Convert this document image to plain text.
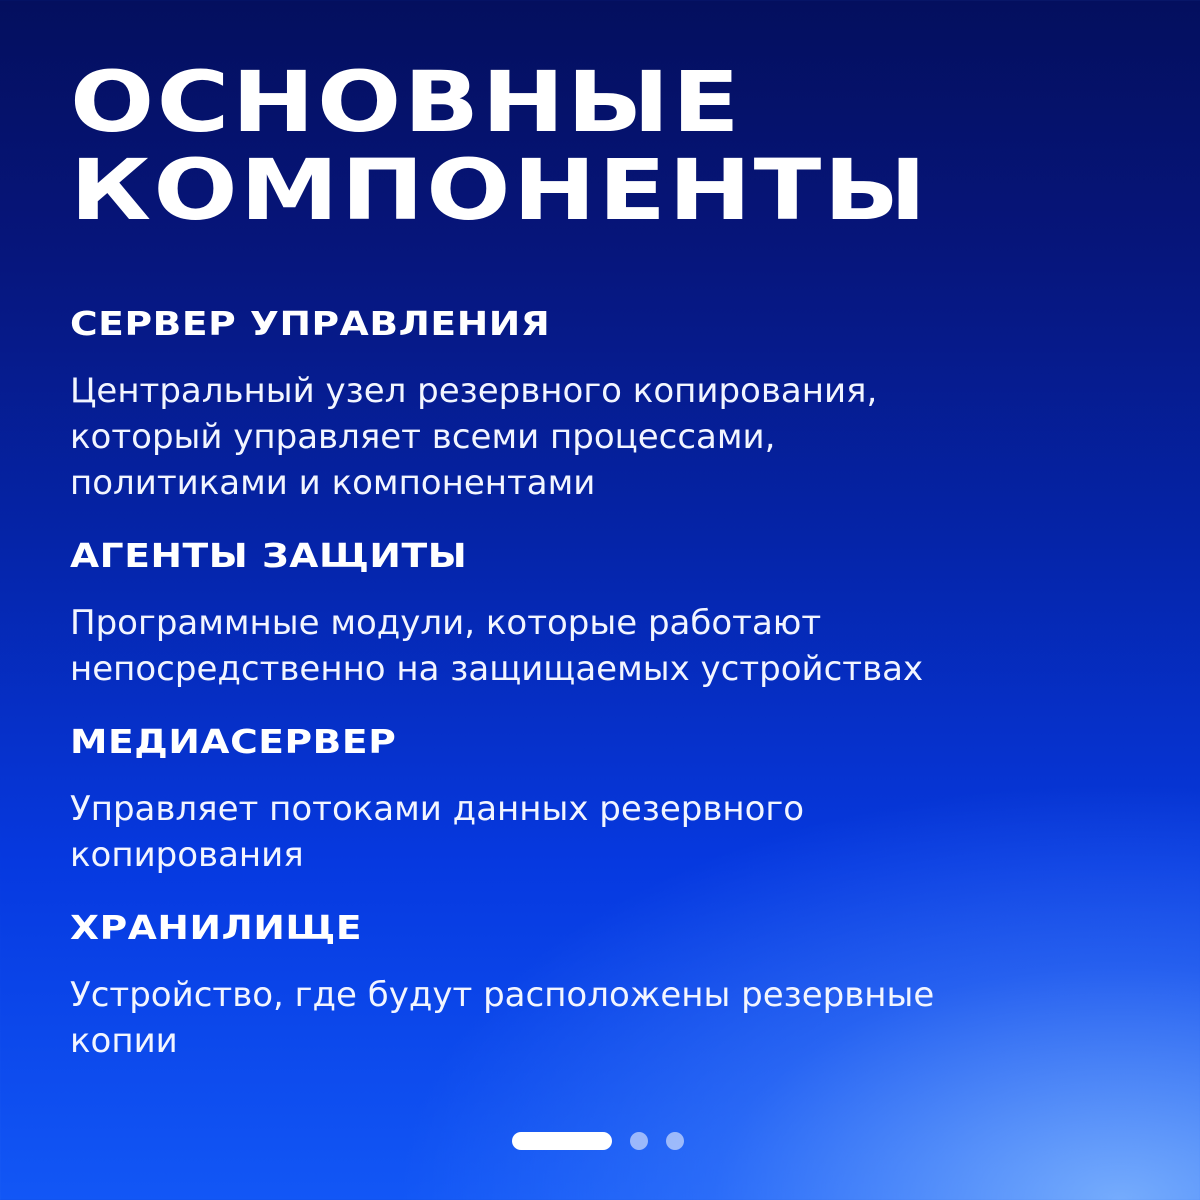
ОСНОВНЫЕ
КОМПОНЕНТЫ
СЕРВЕР УПРАВЛЕНИЯ

Центральный узел резервного копирования,
который управляет всеми процессами,
политиками и компонентами

АГЕНТЫ ЗАЩИТЫ

Программные модули, которые работают
непосредственно на защищаемых устройствах

МЕДИАСЕРВЕР

Управляет потоками данных резервного
копирования

ХРАНИЛИЩЕ

Устройство, где будут расположены резервные
копии
